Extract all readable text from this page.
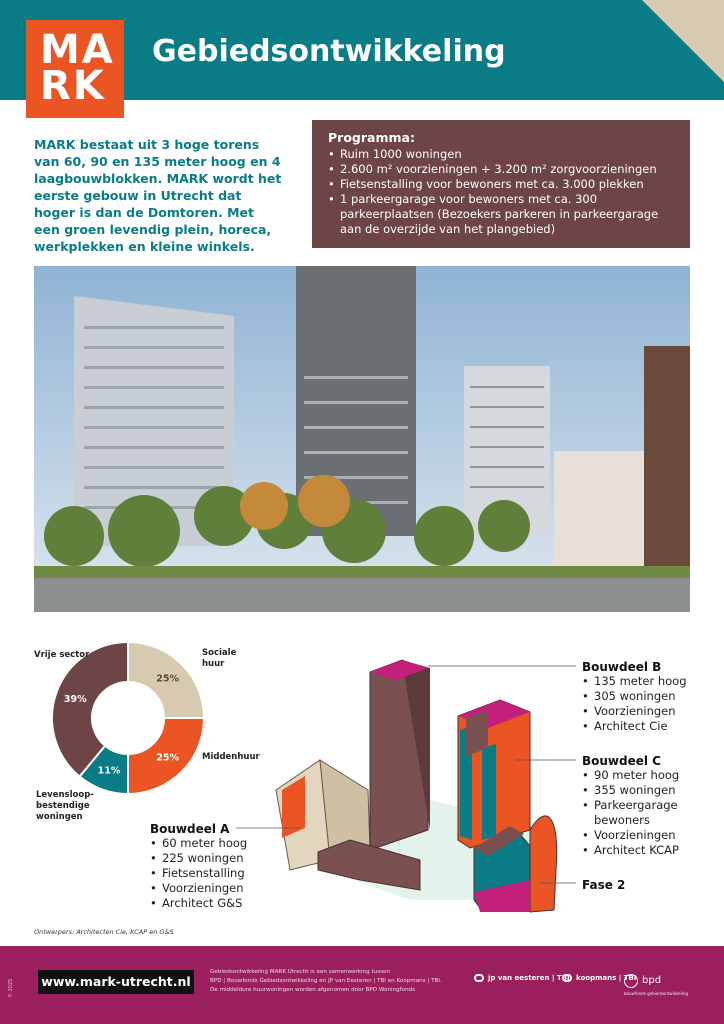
MA
RK
Gebiedsontwikkeling
MARK bestaat uit 3 hoge torens van 60, 90 en 135 meter hoog en 4 laagbouwblokken. MARK wordt het eerste gebouw in Utrecht dat hoger is dan de Domtoren. Met een groen levendig plein, horeca, werkplekken en kleine winkels.
Programma:
• Ruim 1000 woningen
• 2.600 m² voorzieningen + 3.200 m² zorgvoorzieningen
• Fietsenstalling voor bewoners met ca. 3.000 plekken
• 1 parkeergarage voor bewoners met ca. 300 parkeerplaatsen (Bezoekers parkeren in parkeergarage aan de overzijde van het plangebied)
25%
25%
11%
39%
Vrije sector	Sociale huur
Middenhuur
Levensloop-bestendige woningen
Bouwdeel A
• 60 meter hoog
• 225 woningen
• Fietsenstalling
• Voorzieningen
• Architect G&S
Bouwdeel B
• 135 meter hoog
• 305 woningen
• Voorzieningen
• Architect Cie
Bouwdeel C
• 90 meter hoog
• 355 woningen
• Parkeergarage bewoners
• Voorzieningen
• Architect KCAP
Fase 2
Ontwerpers: Architecten Cie, KCAP en G&S
www.mark-utrecht.nl
Gebiedsontwikkeling MARK Utrecht is een samenwerking tussen
BPD | Bouwfonds Gebiedsontwikkeling en JP van Eesteren | TBI en Koopmans | TBI.
De middeldure huurwoningen worden afgenomen door BPD Woningfonds.
jp van eesteren | TBI koopmans | TBI bpd
bouwfonds gebiedsontwikkeling
© 2025
